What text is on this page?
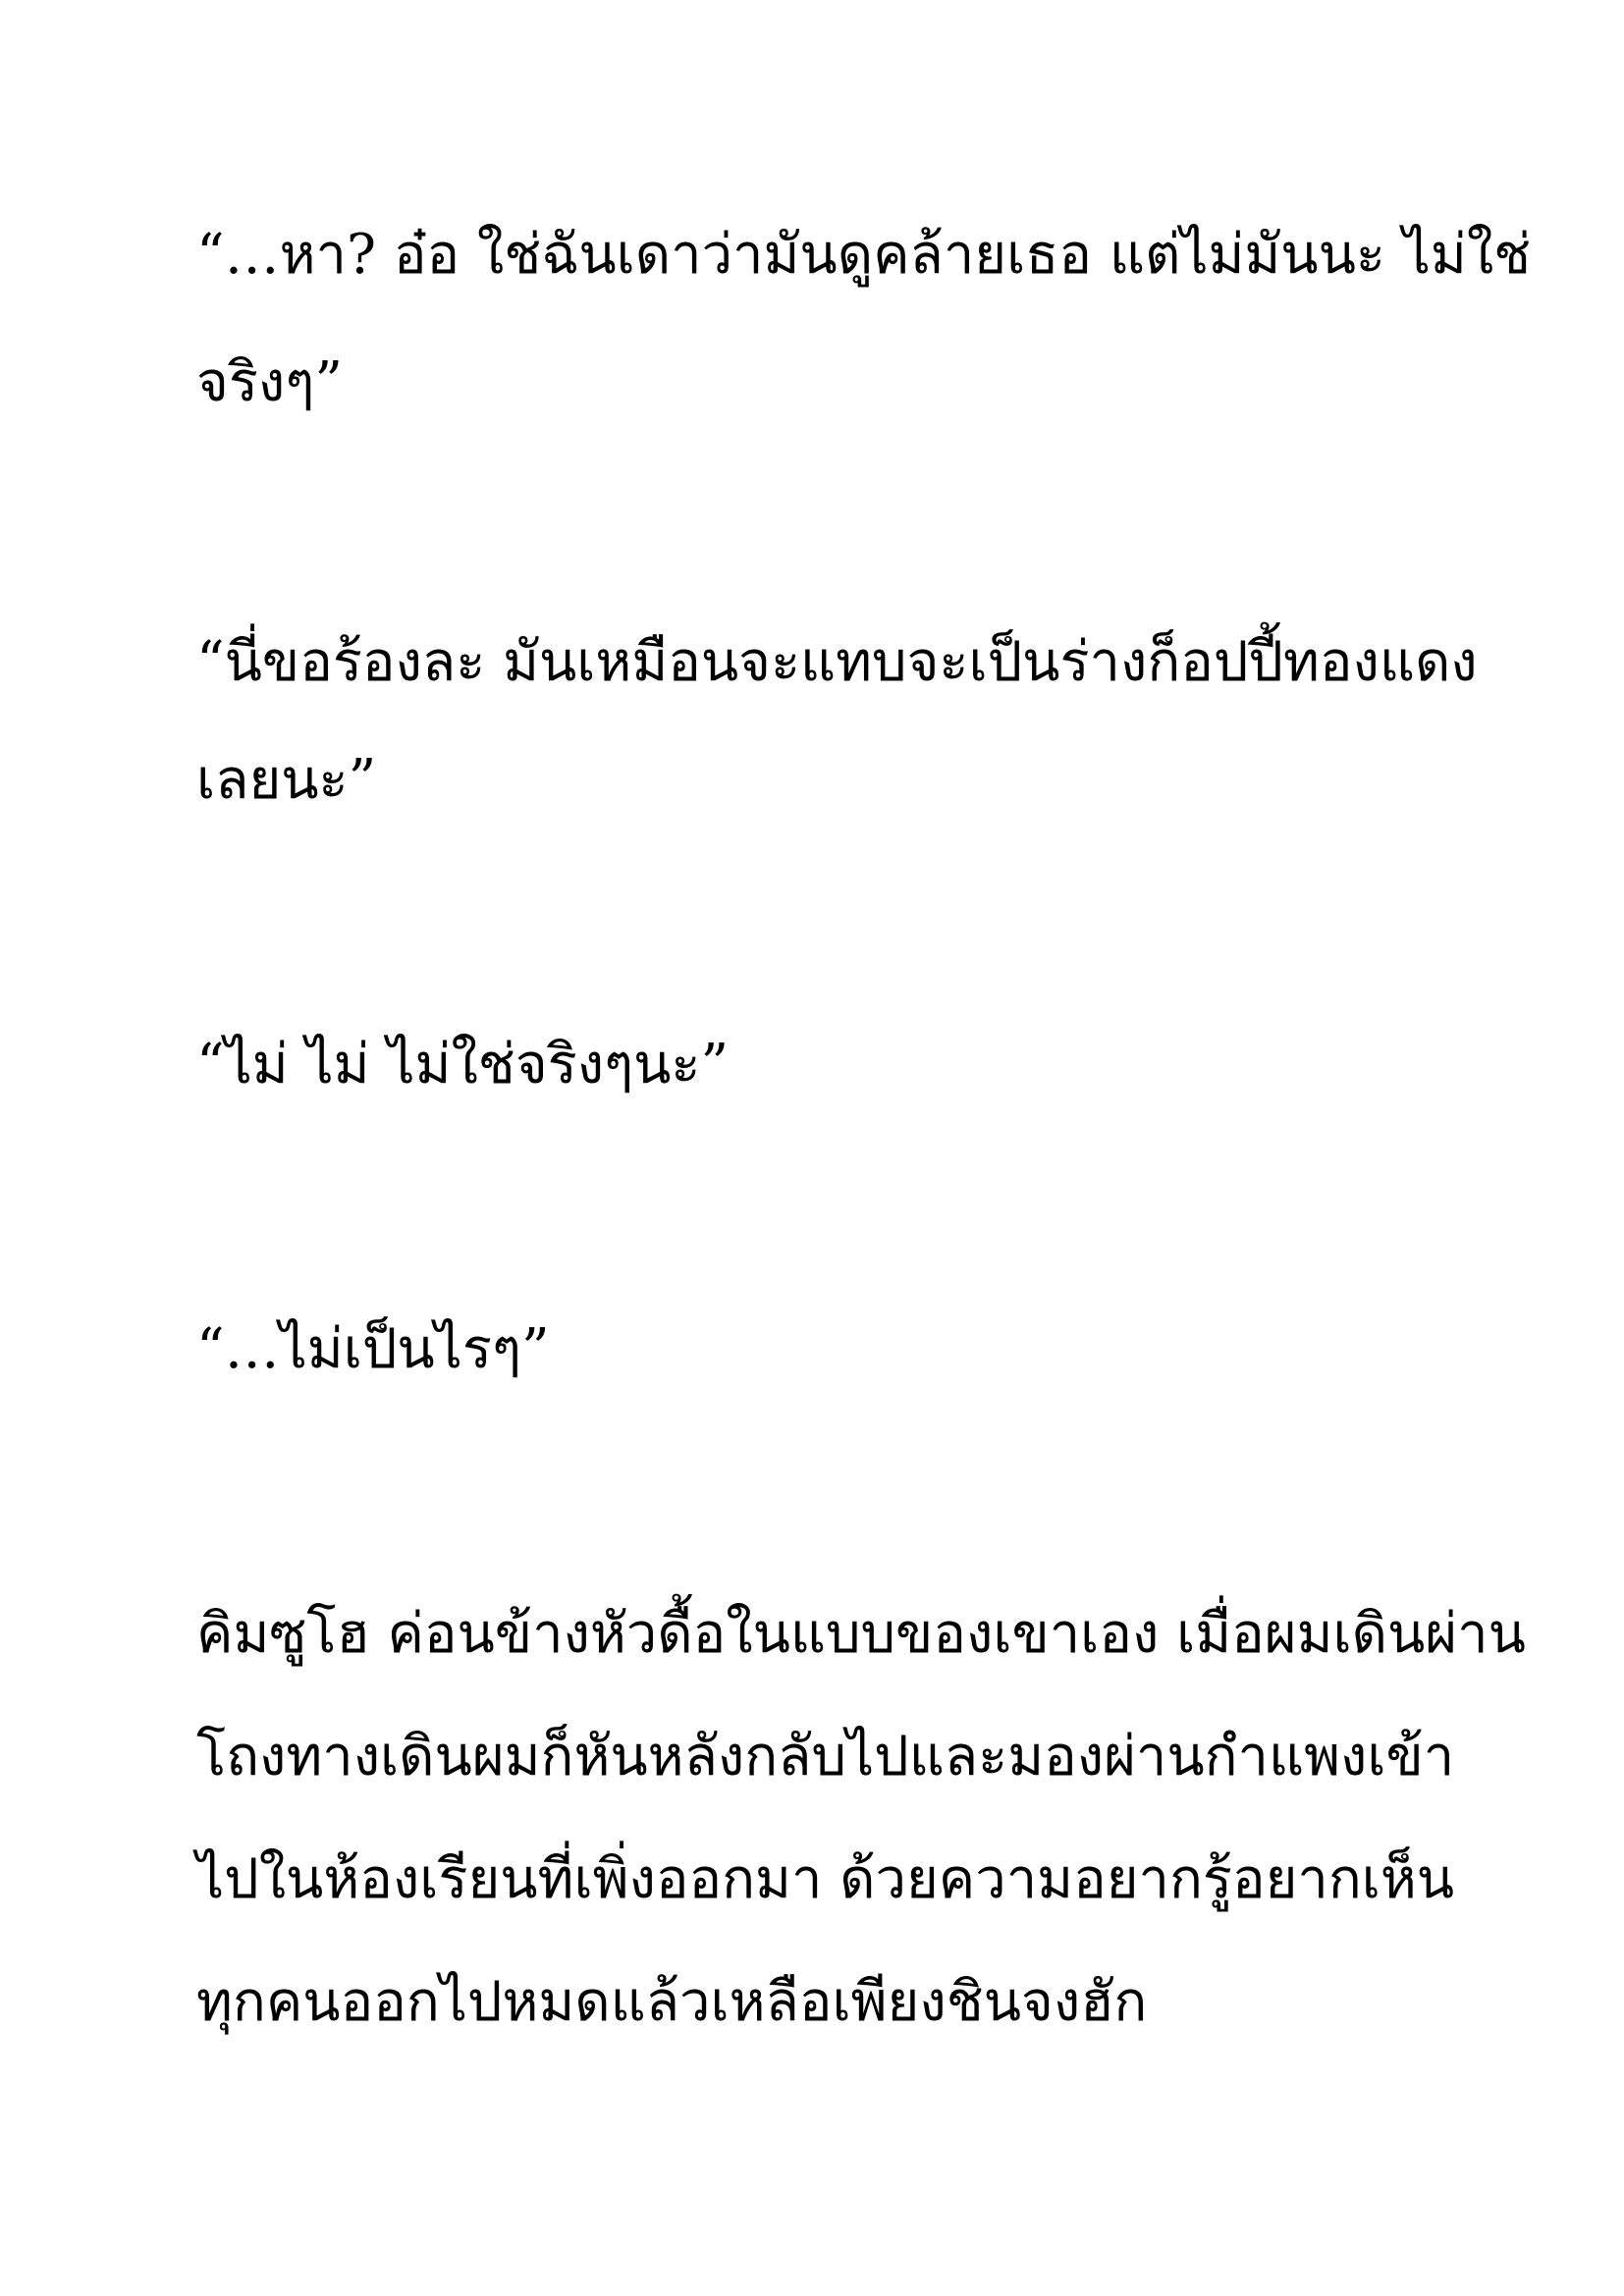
“…หา? อ๋อ ใช่ฉันเดาว่ามันดูคล้ายเธอ แต่ไม่มันนะ ไม่ใช่

จริงๆ”

“นี่ขอร้องละ มันเหมือนจะแทบจะเป็นร่างก็อปปี้ทองแดง

เลยนะ”

“ไม่ ไม่ ไม่ใช่จริงๆนะ”

“…ไม่เป็นไรๆ”

คิมซูโฮ ค่อนข้างหัวดื้อในแบบของเขาเอง เมื่อผมเดินผ่าน

โถงทางเดินผมก็หันหลังกลับไปและมองผ่านกำแพงเข้า

ไปในห้องเรียนที่เพิ่งออกมา ด้วยความอยากรู้อยากเห็น

ทุกคนออกไปหมดแล้วเหลือเพียงชินจงฮัก
